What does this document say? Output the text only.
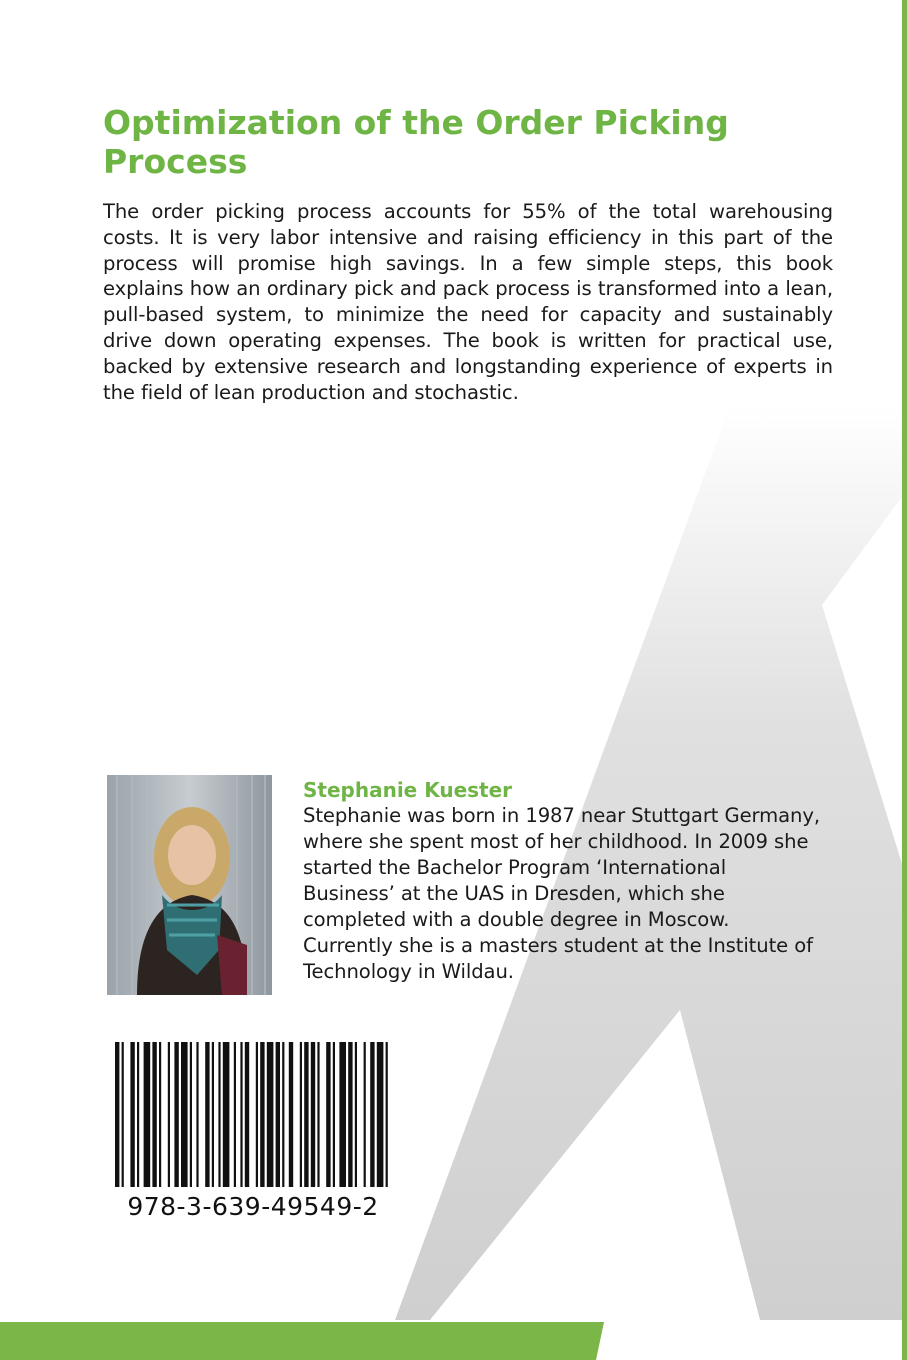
Optimization of the Order Picking Process

The order picking process accounts for 55% of the total warehousing costs. It is very labor intensive and raising efficiency in this part of the process will promise high savings. In a few simple steps, this book explains how an ordinary pick and pack process is transformed into a lean, pull-based system, to minimize the need for capacity and sustainably drive down operating expenses. The book is written for practical use, backed by extensive research and longstanding experience of experts in the field of lean production and stochastic.

Stephanie Kuester

Stephanie was born in 1987 near Stuttgart Germany, where she spent most of her childhood. In 2009 she started the Bachelor Program ‘International Business’ at the UAS in Dresden, which she completed with a double degree in Moscow. Currently she is a masters student at the Institute of Technology in Wildau.

978-3-639-49549-2
